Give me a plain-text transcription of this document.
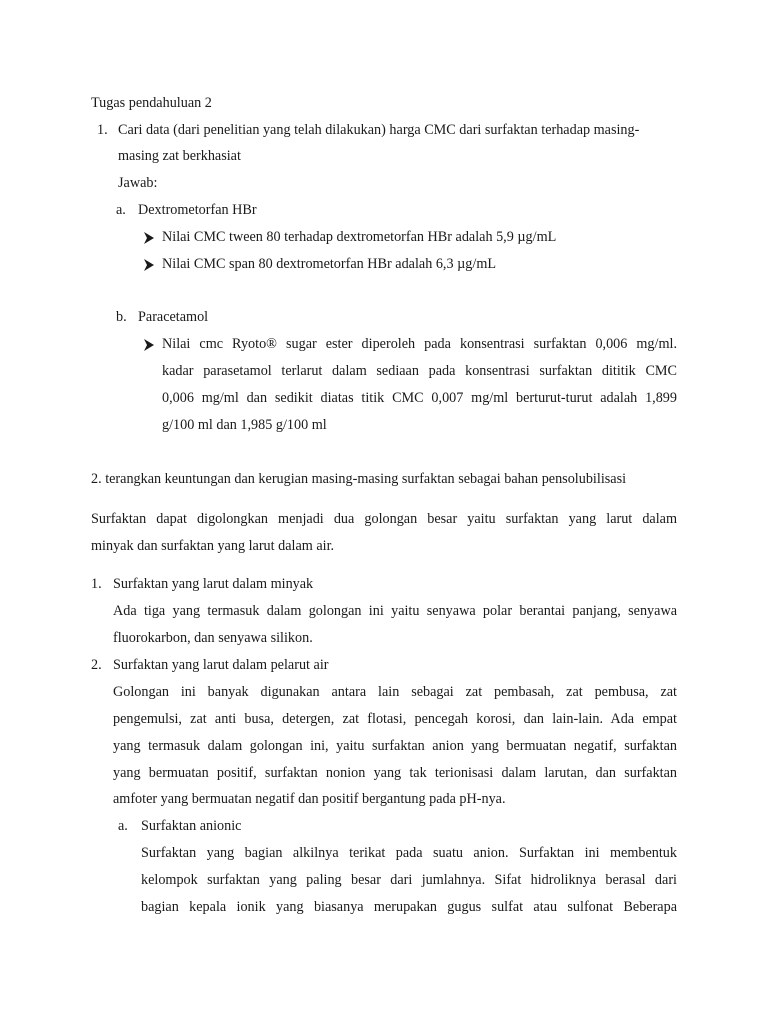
Tugas pendahuluan 2
1. Cari data (dari penelitian yang telah dilakukan) harga CMC dari surfaktan terhadap masing-
masing zat berkhasiat
Jawab:
a. Dextrometorfan HBr
Nilai CMC tween 80 terhadap dextrometorfan HBr adalah 5,9 µg/mL
Nilai CMC span 80 dextrometorfan HBr adalah 6,3 µg/mL
b. Paracetamol
Nilai cmc Ryoto® sugar ester diperoleh pada konsentrasi surfaktan 0,006 mg/ml.
kadar parasetamol terlarut dalam sediaan pada konsentrasi surfaktan dititik CMC
0,006 mg/ml dan sedikit diatas titik CMC 0,007 mg/ml berturut-turut adalah 1,899
g/100 ml dan 1,985 g/100 ml
2. terangkan keuntungan dan kerugian masing-masing surfaktan sebagai bahan pensolubilisasi
Surfaktan dapat digolongkan menjadi dua golongan besar yaitu surfaktan yang larut dalam
minyak dan surfaktan yang larut dalam air.
1. Surfaktan yang larut dalam minyak
Ada tiga yang termasuk dalam golongan ini yaitu senyawa polar berantai panjang, senyawa
fluorokarbon, dan senyawa silikon.
2. Surfaktan yang larut dalam pelarut air
Golongan ini banyak digunakan antara lain sebagai zat pembasah, zat pembusa, zat
pengemulsi, zat anti busa, detergen, zat flotasi, pencegah korosi, dan lain-lain. Ada empat
yang termasuk dalam golongan ini, yaitu surfaktan anion yang bermuatan negatif, surfaktan
yang bermuatan positif, surfaktan nonion yang tak terionisasi dalam larutan, dan surfaktan
amfoter yang bermuatan negatif dan positif bergantung pada pH-nya.
a. Surfaktan anionic
Surfaktan yang bagian alkilnya terikat pada suatu anion. Surfaktan ini membentuk
kelompok surfaktan yang paling besar dari jumlahnya. Sifat hidroliknya berasal dari
bagian kepala ionik yang biasanya merupakan gugus sulfat atau sulfonat Beberapa
